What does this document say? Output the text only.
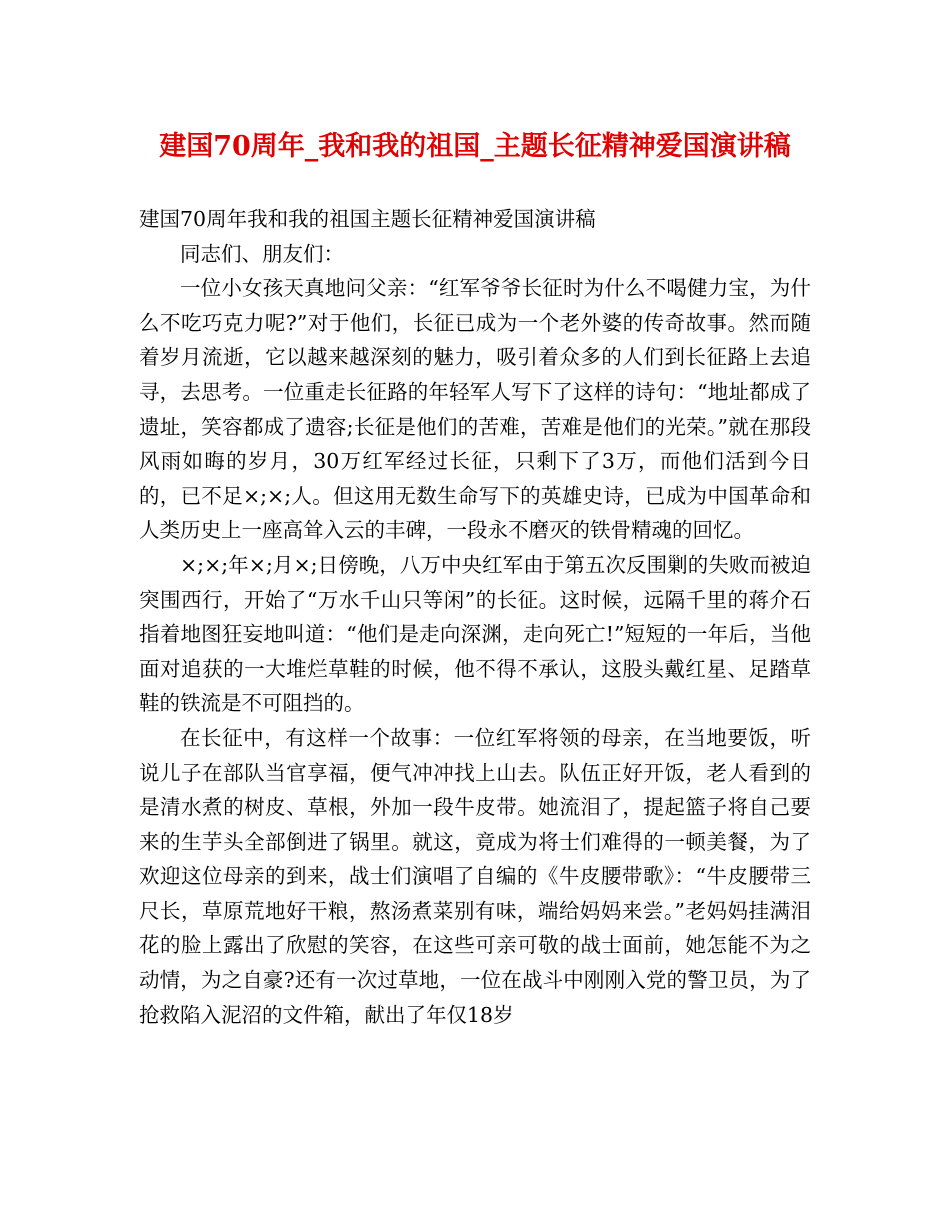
建国70周年_我和我的祖国_主题长征精神爱国演讲稿

建国70周年我和我的祖国主题长征精神爱国演讲稿

同志们、朋友们：

一位小女孩天真地问父亲：“红军爷爷长征时为什么不喝健力宝，为什么不吃巧克力呢?”对于他们，长征已成为一个老外婆的传奇故事。然而随着岁月流逝，它以越来越深刻的魅力，吸引着众多的人们到长征路上去追寻，去思考。一位重走长征路的年轻军人写下了这样的诗句：“地址都成了遗址，笑容都成了遗容;长征是他们的苦难，苦难是他们的光荣。”就在那段风雨如晦的岁月，30万红军经过长征，只剩下了3万，而他们活到今日的，已不足×;×;人。但这用无数生命写下的英雄史诗，已成为中国革命和人类历史上一座高耸入云的丰碑，一段永不磨灭的铁骨精魂的回忆。

×;×;年×;月×;日傍晚，八万中央红军由于第五次反围剿的失败而被迫突围西行，开始了“万水千山只等闲”的长征。这时候，远隔千里的蒋介石指着地图狂妄地叫道：“他们是走向深渊，走向死亡!”短短的一年后，当他面对追获的一大堆烂草鞋的时候，他不得不承认，这股头戴红星、足踏草鞋的铁流是不可阻挡的。

在长征中，有这样一个故事：一位红军将领的母亲，在当地要饭，听说儿子在部队当官享福，便气冲冲找上山去。队伍正好开饭，老人看到的是清水煮的树皮、草根，外加一段牛皮带。她流泪了，提起篮子将自己要来的生芋头全部倒进了锅里。就这，竟成为将士们难得的一顿美餐，为了欢迎这位母亲的到来，战士们演唱了自编的《牛皮腰带歌》：“牛皮腰带三尺长，草原荒地好干粮，熬汤煮菜别有味，端给妈妈来尝。”老妈妈挂满泪花的脸上露出了欣慰的笑容，在这些可亲可敬的战士面前，她怎能不为之动情，为之自豪?还有一次过草地，一位在战斗中刚刚入党的警卫员，为了抢救陷入泥沼的文件箱，献出了年仅18岁
